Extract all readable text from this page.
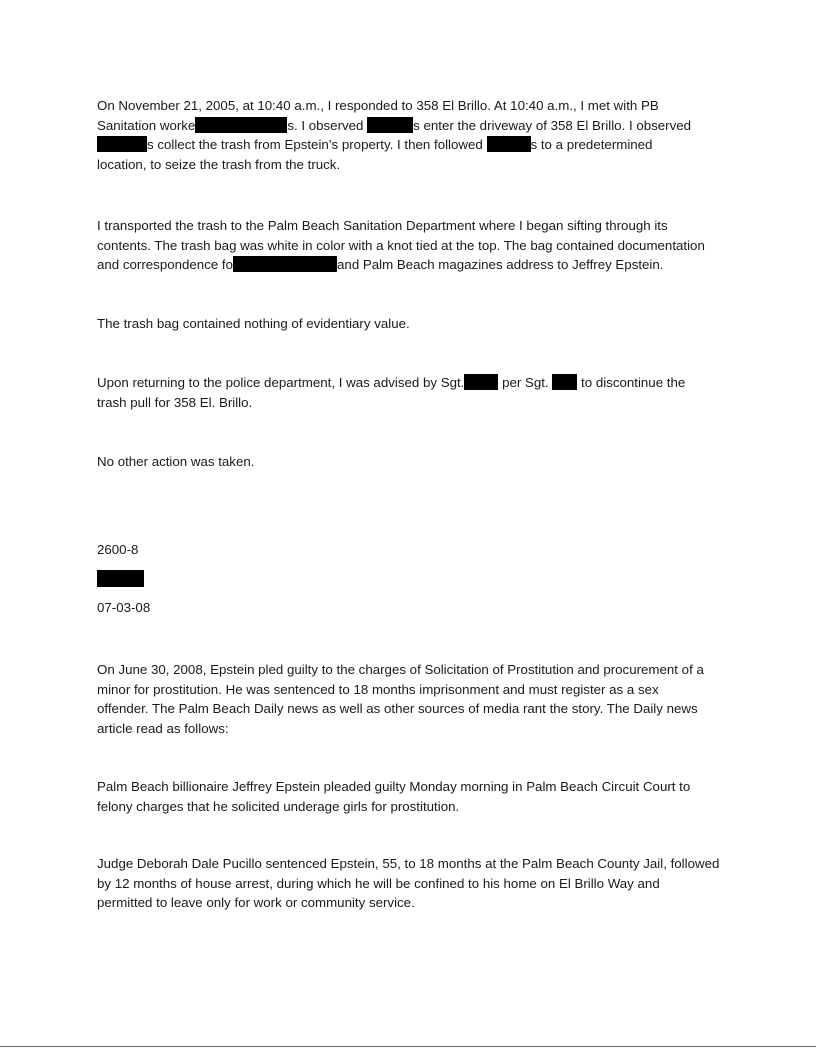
On November 21, 2005, at 10:40 a.m., I responded to 358 El Brillo. At 10:40 a.m., I met with PB
Sanitation worke	s. I observed	s enter the driveway of 358 El Brillo. I observed
s collect the trash from Epstein’s property. I then followed	s to a predetermined
location, to seize the trash from the truck.

I transported the trash to the Palm Beach Sanitation Department where I began sifting through its
contents. The trash bag was white in color with a knot tied at the top. The bag contained documentation
and correspondence fo	and Palm Beach magazines address to Jeffrey Epstein.

The trash bag contained nothing of evidentiary value.

Upon returning to the police department, I was advised by Sgt.	per Sgt. to discontinue the
trash pull for 358 El. Brillo.

No other action was taken.

2600-8

07-03-08

On June 30, 2008, Epstein pled guilty to the charges of Solicitation of Prostitution and procurement of a
minor for prostitution. He was sentenced to 18 months imprisonment and must register as a sex
offender. The Palm Beach Daily news as well as other sources of media rant the story. The Daily news
article read as follows:

Palm Beach billionaire Jeffrey Epstein pleaded guilty Monday morning in Palm Beach Circuit Court to
felony charges that he solicited underage girls for prostitution.

Judge Deborah Dale Pucillo sentenced Epstein, 55, to 18 months at the Palm Beach County Jail, followed
by 12 months of house arrest, during which he will be confined to his home on El Brillo Way and
permitted to leave only for work or community service.
